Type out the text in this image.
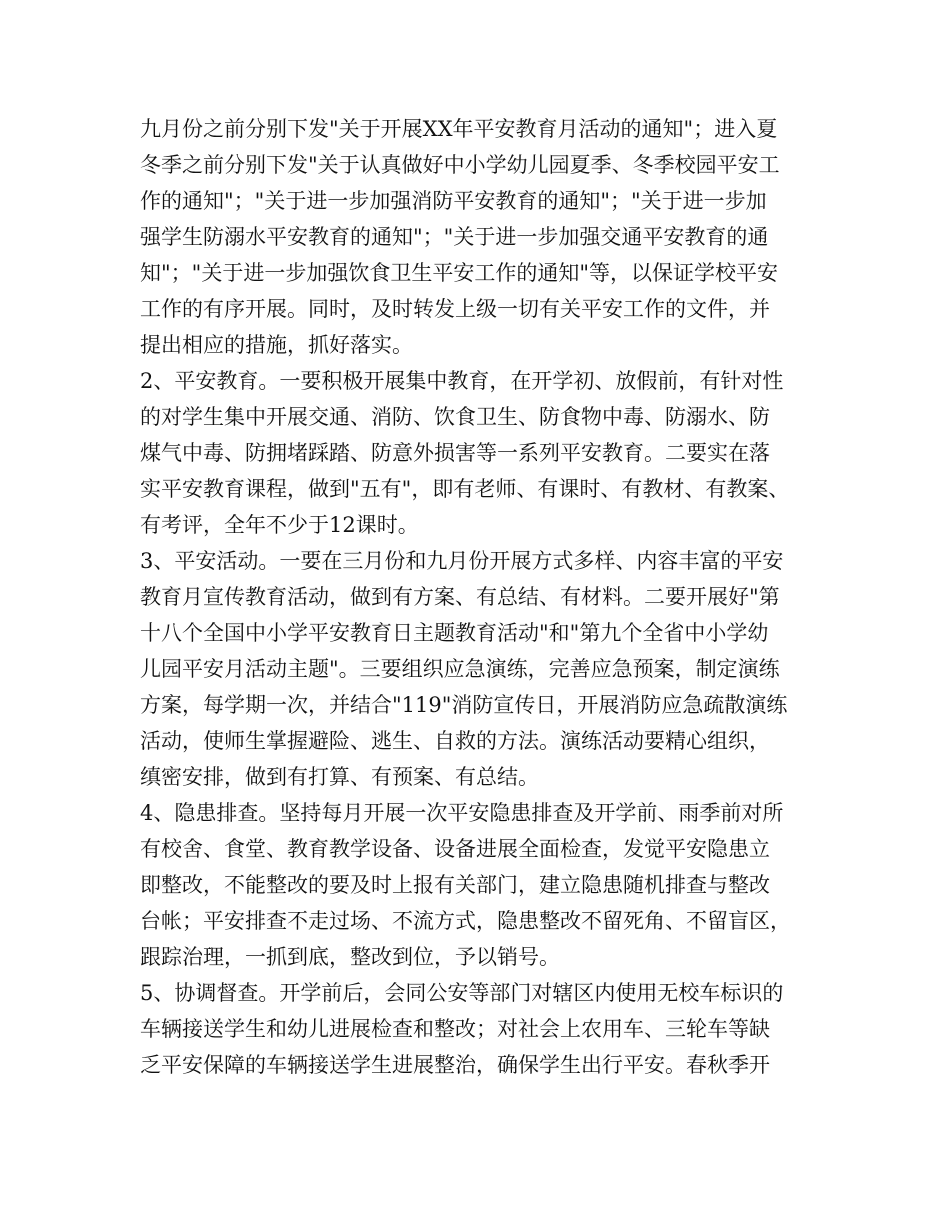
九月份之前分别下发"关于开展XX年平安教育月活动的通知"；进入夏
冬季之前分别下发"关于认真做好中小学幼儿园夏季、冬季校园平安工
作的通知"；"关于进一步加强消防平安教育的通知"；"关于进一步加
强学生防溺水平安教育的通知"；"关于进一步加强交通平安教育的通
知"；"关于进一步加强饮食卫生平安工作的通知"等，以保证学校平安
工作的有序开展。同时，及时转发上级一切有关平安工作的文件，并
提出相应的措施，抓好落实。
2、平安教育。一要积极开展集中教育，在开学初、放假前，有针对性
的对学生集中开展交通、消防、饮食卫生、防食物中毒、防溺水、防
煤气中毒、防拥堵踩踏、防意外损害等一系列平安教育。二要实在落
实平安教育课程，做到"五有"，即有老师、有课时、有教材、有教案、
有考评，全年不少于12课时。
3、平安活动。一要在三月份和九月份开展方式多样、内容丰富的平安
教育月宣传教育活动，做到有方案、有总结、有材料。二要开展好"第
十八个全国中小学平安教育日主题教育活动"和"第九个全省中小学幼
儿园平安月活动主题"。三要组织应急演练，完善应急预案，制定演练
方案，每学期一次，并结合"119"消防宣传日，开展消防应急疏散演练
活动，使师生掌握避险、逃生、自救的方法。演练活动要精心组织，
缜密安排，做到有打算、有预案、有总结。
4、隐患排查。坚持每月开展一次平安隐患排查及开学前、雨季前对所
有校舍、食堂、教育教学设备、设备进展全面检查，发觉平安隐患立
即整改，不能整改的要及时上报有关部门，建立隐患随机排查与整改
台帐；平安排查不走过场、不流方式，隐患整改不留死角、不留盲区，
跟踪治理，一抓到底，整改到位，予以销号。
5、协调督查。开学前后，会同公安等部门对辖区内使用无校车标识的
车辆接送学生和幼儿进展检查和整改；对社会上农用车、三轮车等缺
乏平安保障的车辆接送学生进展整治，确保学生出行平安。春秋季开
